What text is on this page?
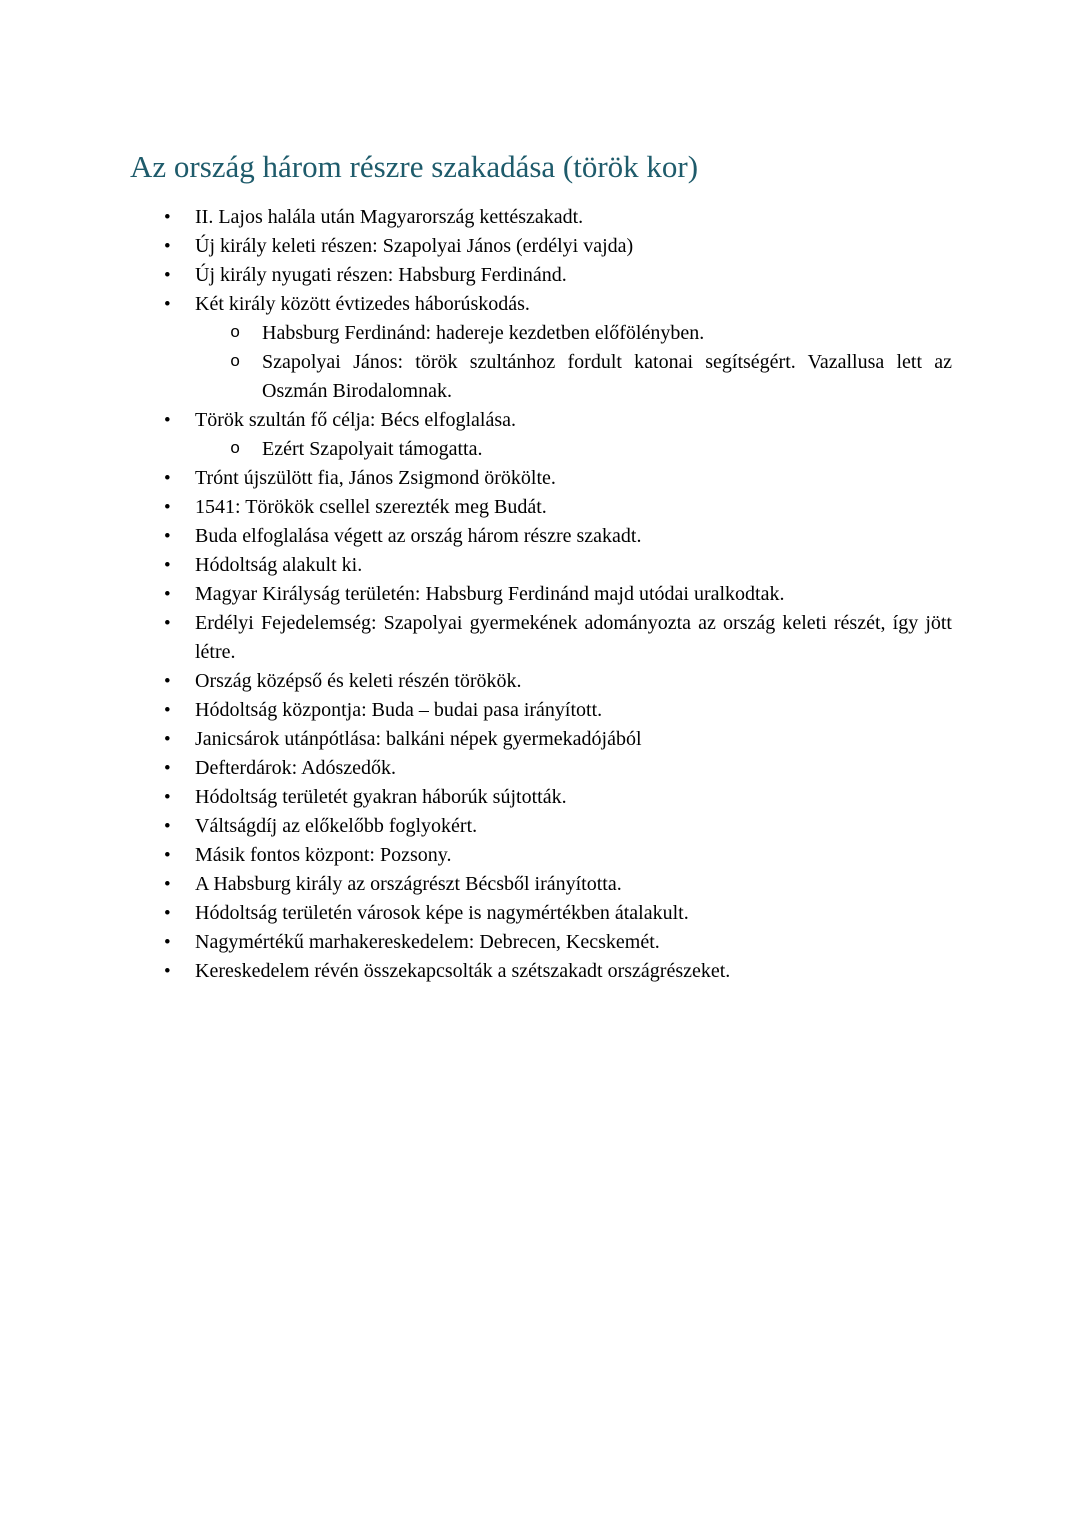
Az ország három részre szakadása (török kor)
• II. Lajos halála után Magyarország kettészakadt.
• Új király keleti részen: Szapolyai János (erdélyi vajda)
• Új király nyugati részen: Habsburg Ferdinánd.
• Két király között évtizedes háborúskodás.
o Habsburg Ferdinánd: hadereje kezdetben előfölényben.
o Szapolyai János: török szultánhoz fordult katonai segítségért. Vazallusa lett az Oszmán Birodalomnak.
• Török szultán fő célja: Bécs elfoglalása.
o Ezért Szapolyait támogatta.
• Trónt újszülött fia, János Zsigmond örökölte.
• 1541: Törökök csellel szerezték meg Budát.
• Buda elfoglalása végett az ország három részre szakadt.
• Hódoltság alakult ki.
• Magyar Királyság területén: Habsburg Ferdinánd majd utódai uralkodtak.
• Erdélyi Fejedelemség: Szapolyai gyermekének adományozta az ország keleti részét, így jött létre.
• Ország középső és keleti részén törökök.
• Hódoltság központja: Buda – budai pasa irányított.
• Janicsárok utánpótlása: balkáni népek gyermekadójából
• Defterdárok: Adószedők.
• Hódoltság területét gyakran háborúk sújtották.
• Váltságdíj az előkelőbb foglyokért.
• Másik fontos központ: Pozsony.
• A Habsburg király az országrészt Bécsből irányította.
• Hódoltság területén városok képe is nagymértékben átalakult.
• Nagymértékű marhakereskedelem: Debrecen, Kecskemét.
• Kereskedelem révén összekapcsolták a szétszakadt országrészeket.
